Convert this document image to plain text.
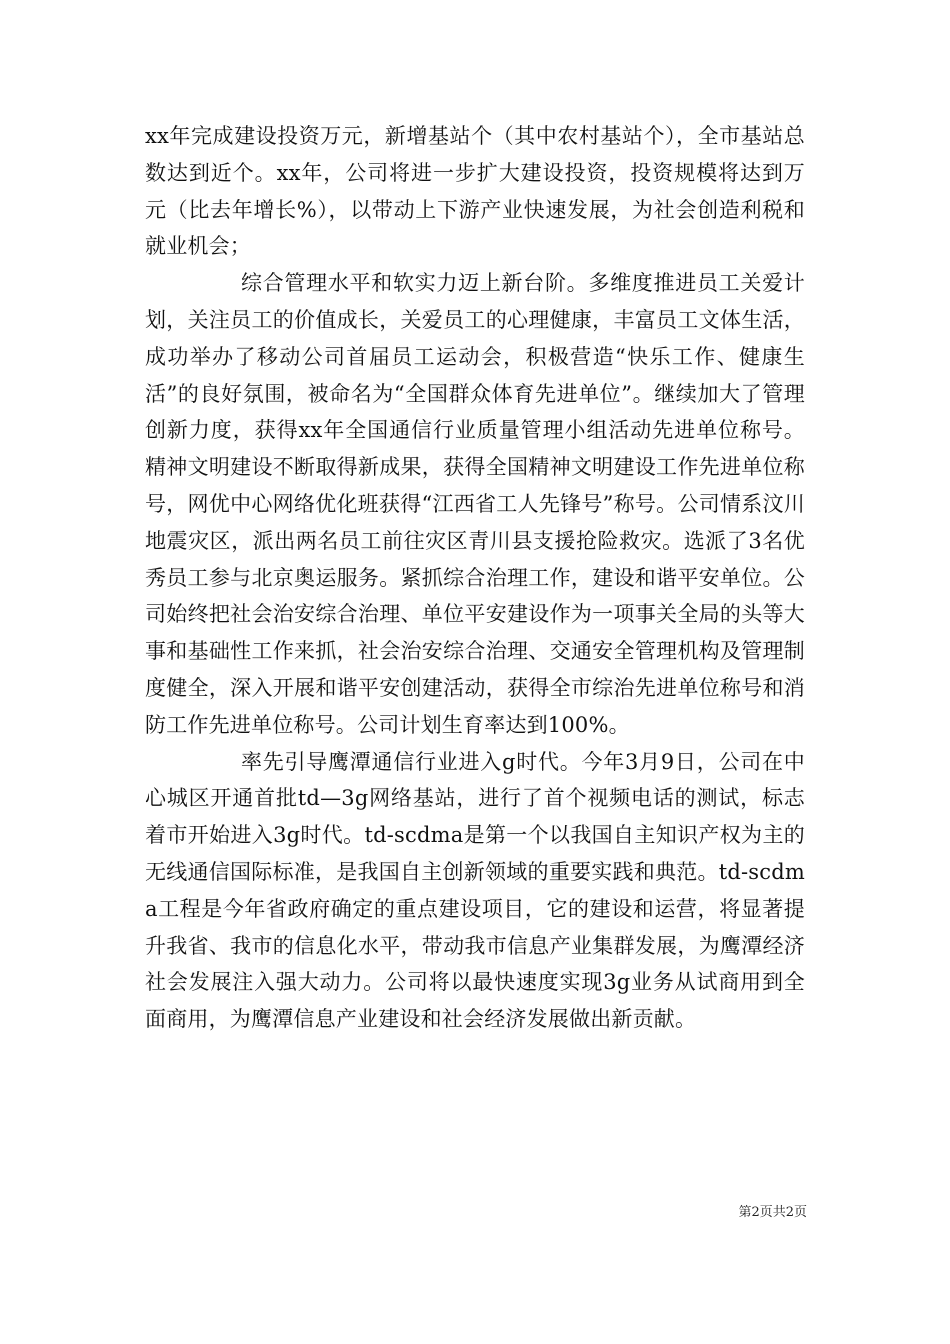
xx年完成建设投资万元，新增基站个（其中农村基站个），全市基站总数达到近个。xx年，公司将进一步扩大建设投资，投资规模将达到万元（比去年增长%），以带动上下游产业快速发展，为社会创造利税和就业机会；

综合管理水平和软实力迈上新台阶。多维度推进员工关爱计划，关注员工的价值成长，关爱员工的心理健康，丰富员工文体生活，成功举办了移动公司首届员工运动会，积极营造“快乐工作、健康生活”的良好氛围，被命名为“全国群众体育先进单位”。继续加大了管理创新力度，获得xx年全国通信行业质量管理小组活动先进单位称号。精神文明建设不断取得新成果，获得全国精神文明建设工作先进单位称号，网优中心网络优化班获得“江西省工人先锋号”称号。公司情系汶川地震灾区，派出两名员工前往灾区青川县支援抢险救灾。选派了3名优秀员工参与北京奥运服务。紧抓综合治理工作，建设和谐平安单位。公司始终把社会治安综合治理、单位平安建设作为一项事关全局的头等大事和基础性工作来抓，社会治安综合治理、交通安全管理机构及管理制度健全，深入开展和谐平安创建活动，获得全市综治先进单位称号和消防工作先进单位称号。公司计划生育率达到100%。

率先引导鹰潭通信行业进入g时代。今年3月9日，公司在中心城区开通首批td—3g网络基站，进行了首个视频电话的测试，标志着市开始进入3g时代。td-scdma是第一个以我国自主知识产权为主的无线通信国际标准，是我国自主创新领域的重要实践和典范。td-scdma工程是今年省政府确定的重点建设项目，它的建设和运营，将显著提升我省、我市的信息化水平，带动我市信息产业集群发展，为鹰潭经济社会发展注入强大动力。公司将以最快速度实现3g业务从试商用到全面商用，为鹰潭信息产业建设和社会经济发展做出新贡献。

第2页共2页
